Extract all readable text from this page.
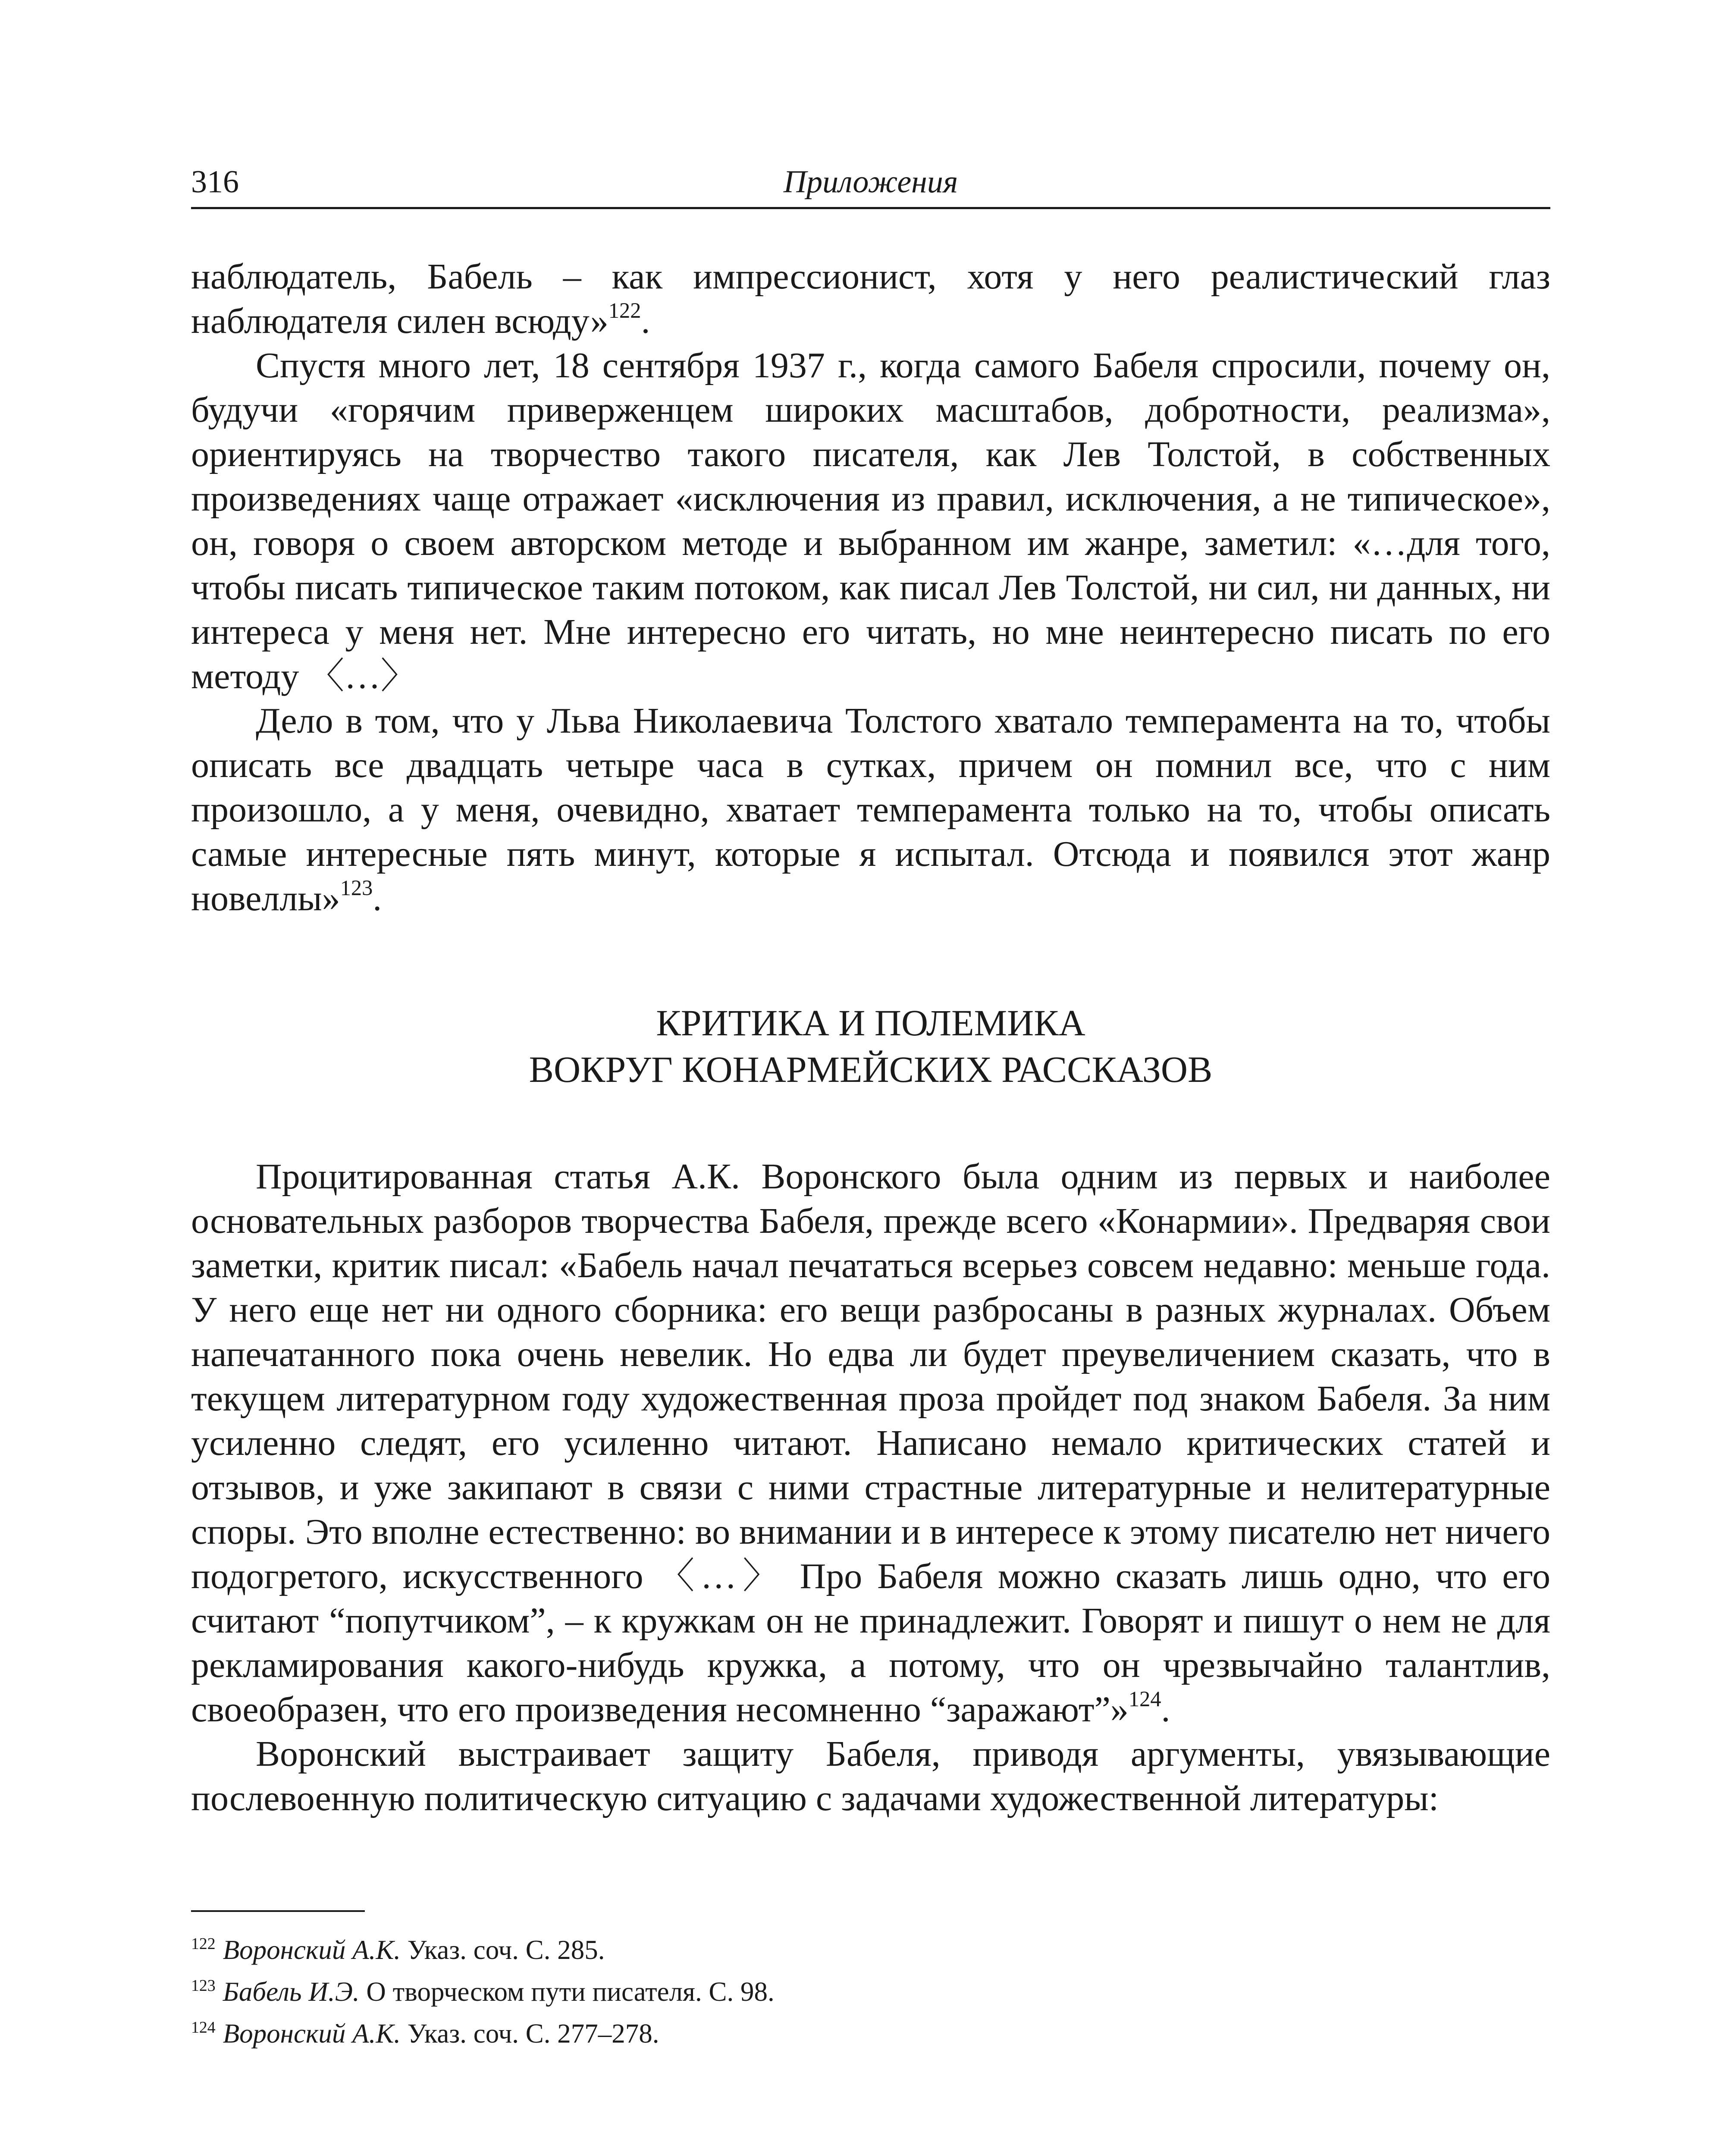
316	Приложения

наблюдатель, Бабель – как импрессионист, хотя у него реалистический глаз наблюдателя силен всюду»$^{122}$.

Спустя много лет, 18 сентября 1937 г., когда самого Бабеля спросили, почему он, будучи «горячим приверженцем широких масштабов, добротности, реализма», ориентируясь на творчество такого писателя, как Лев Толстой, в собственных произведениях чаще отражает «исключения из правил, исключения, а не типическое», он, говоря о своем авторском методе и выбранном им жанре, заметил: «…для того, чтобы писать типическое таким потоком, как писал Лев Толстой, ни сил, ни данных, ни интереса у меня нет. Мне интересно его читать, но мне неинтересно писать по его методу 〈…〉

Дело в том, что у Льва Николаевича Толстого хватало темперамента на то, чтобы описать все двадцать четыре часа в сутках, причем он помнил все, что с ним произошло, а у меня, очевидно, хватает темперамента только на то, чтобы описать самые интересные пять минут, которые я испытал. Отсюда и появился этот жанр новеллы»$^{123}$.

КРИТИКА И ПОЛЕМИКА
ВОКРУГ КОНАРМЕЙСКИХ РАССКАЗОВ

Процитированная статья А.К. Воронского была одним из первых и наиболее основательных разборов творчества Бабеля, прежде всего «Конармии». Предваряя свои заметки, критик писал: «Бабель начал печататься всерьез совсем недавно: меньше года. У него еще нет ни одного сборника: его вещи разбросаны в разных журналах. Объем напечатанного пока очень невелик. Но едва ли будет преувеличением сказать, что в текущем литературном году художественная проза пройдет под знаком Бабеля. За ним усиленно следят, его усиленно читают. Написано немало критических статей и отзывов, и уже закипают в связи с ними страстные литературные и нелитературные споры. Это вполне естественно: во внимании и в интересе к этому писателю нет ничего подогретого, искусственного 〈…〉 Про Бабеля можно сказать лишь одно, что его считают “попутчиком”, – к кружкам он не принадлежит. Говорят и пишут о нем не для рекламирования какого-нибудь кружка, а потому, что он чрезвычайно талантлив, своеобразен, что его произведения несомненно “заражают”»$^{124}$.

Воронский выстраивает защиту Бабеля, приводя аргументы, увязывающие послевоенную политическую ситуацию с задачами художественной литературы:

$^{122}$ Воронский А.К. Указ. соч. С. 285.

$^{123}$ Бабель И.Э. О творческом пути писателя. С. 98.

$^{124}$ Воронский А.К. Указ. соч. С. 277–278.
